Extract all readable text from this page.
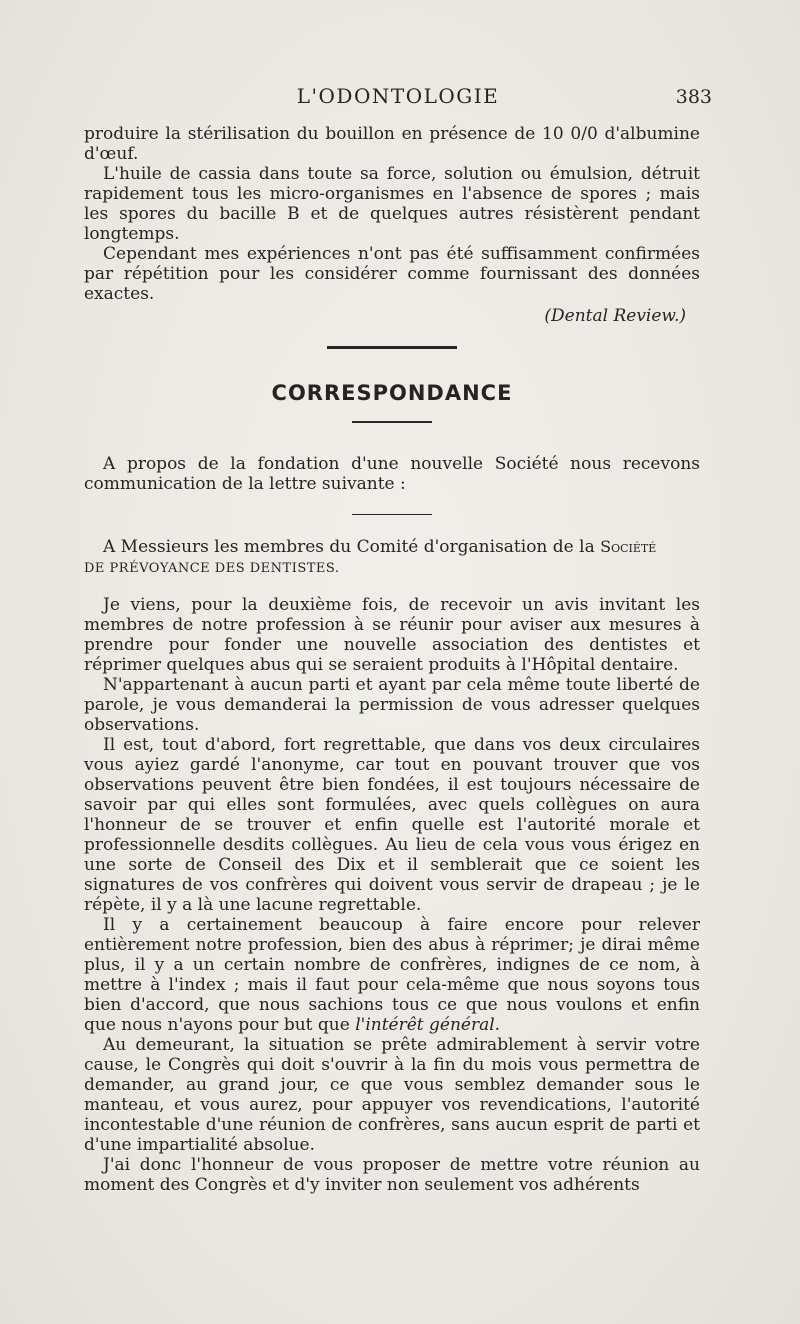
L'ODONTOLOGIE	383

produire la stérilisation du bouillon en présence de 10 0/0 d'albumine d'œuf.

L'huile de cassia dans toute sa force, solution ou émulsion, détruit rapidement tous les micro-organismes en l'absence de spores ; mais les spores du bacille B et de quelques autres résistèrent pendant longtemps.

Cependant mes expériences n'ont pas été suffisamment confirmées par répétition pour les considérer comme fournissant des données exactes.

(Dental Review.)

CORRESPONDANCE

A propos de la fondation d'une nouvelle Société nous recevons communication de la lettre suivante :

A Messieurs les membres du Comité d'organisation de la Société
DE PRÉVOYANCE DES DENTISTES.

Je viens, pour la deuxième fois, de recevoir un avis invitant les membres de notre profession à se réunir pour aviser aux mesures à prendre pour fonder une nouvelle association des dentistes et réprimer quelques abus qui se seraient produits à l'Hôpital dentaire.

N'appartenant à aucun parti et ayant par cela même toute liberté de parole, je vous demanderai la permission de vous adresser quelques observations.

Il est, tout d'abord, fort regrettable, que dans vos deux circulaires vous ayiez gardé l'anonyme, car tout en pouvant trouver que vos observations peuvent être bien fondées, il est toujours nécessaire de savoir par qui elles sont formulées, avec quels collègues on aura l'honneur de se trouver et enfin quelle est l'autorité morale et professionnelle desdits collègues. Au lieu de cela vous vous érigez en une sorte de Conseil des Dix et il semblerait que ce soient les signatures de vos confrères qui doivent vous servir de drapeau ; je le répète, il y a là une lacune regrettable.

Il y a certainement beaucoup à faire encore pour relever entièrement notre profession, bien des abus à réprimer; je dirai même plus, il y a un certain nombre de confrères, indignes de ce nom, à mettre à l'index ; mais il faut pour cela-même que nous soyons tous bien d'accord, que nous sachions tous ce que nous voulons et enfin que nous n'ayons pour but que l'intérêt général.

Au demeurant, la situation se prête admirablement à servir votre cause, le Congrès qui doit s'ouvrir à la fin du mois vous permettra de demander, au grand jour, ce que vous semblez demander sous le manteau, et vous aurez, pour appuyer vos revendications, l'autorité incontestable d'une réunion de confrères, sans aucun esprit de parti et d'une impartialité absolue.

J'ai donc l'honneur de vous proposer de mettre votre réunion au moment des Congrès et d'y inviter non seulement vos adhérents
